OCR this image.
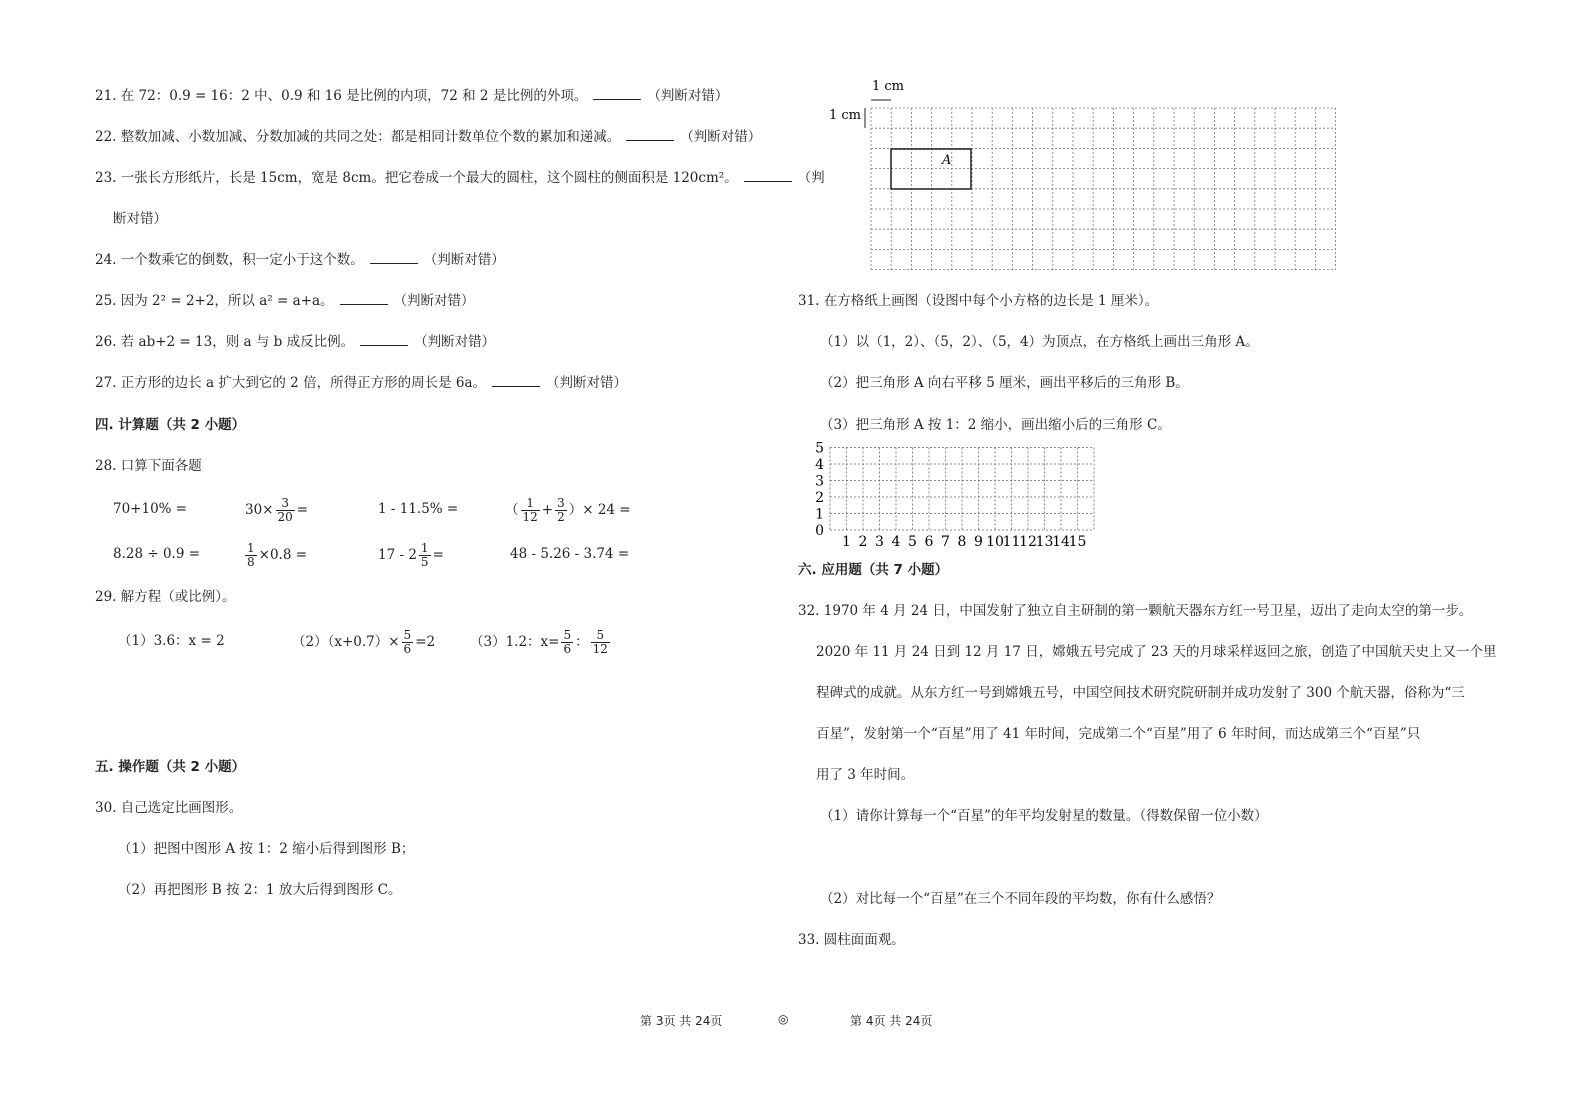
21. 在 72：0.9 = 16：2 中、0.9 和 16 是比例的内项，72 和 2 是比例的外项。	（判断对错）
22. 整数加减、小数加减、分数加减的共同之处：都是相同计数单位个数的累加和递减。	（判断对错）
23. 一张长方形纸片，长是 15cm，宽是 8cm。把它卷成一个最大的圆柱，这个圆柱的侧面积是 120cm²。	（判
断对错）
24. 一个数乘它的倒数，积一定小于这个数。	（判断对错）
25. 因为 2² = 2+2，所以 a² = a+a。	（判断对错）
26. 若 ab+2 = 13，则 a 与 b 成反比例。	（判断对错）
27. 正方形的边长 a 扩大到它的 2 倍，所得正方形的周长是 6a。	（判断对错）
四. 计算题（共 2 小题）
28. 口算下面各题
70+10% =	$30\times \frac{3}{20}$ =	1 - 11.5% =	（ $\frac{1}{12} + \frac{3}{2}$ ）× 24 =
8.28 ÷ 0.9 =	$\frac{1}{8} \times 0.8$ =	$17 - 2 \frac{1}{5}$ =	48 - 5.26 - 3.74 =
29. 解方程（或比例）。
（1）3.6：x = 2	$(2)(x+0.7)\times \frac{5}{6} =2$	（3）1.2：$x= \frac{5}{6}$ ： $\frac{5}{12}$
五. 操作题（共 2 小题）
30. 自己选定比画图形。
（1）把图中图形 A 按 1：2 缩小后得到图形 B；
（2）再把图形 B 按 2：1 放大后得到图形 C。
A
1 cm
1 cm
31. 在方格纸上画图（设图中每个小方格的边长是 1 厘米）。
（1）以（1，2）、（5，2）、（5，4）为顶点，在方格纸上画出三角形 A。
（2）把三角形 A 向右平移 5 厘米，画出平移后的三角形 B。
（3）把三角形 A 按 1：2 缩小，画出缩小后的三角形 C。
1 2 3 4 5 6 7 8 9 10
11
12
13
14
15
0
1
2
3
4
5
六. 应用题（共 7 小题）
32. 1970 年 4 月 24 日，中国发射了独立自主研制的第一颗航天器东方红一号卫星，迈出了走向太空的第一步。
2020 年 11 月 24 日到 12 月 17 日，嫦娥五号完成了 23 天的月球采样返回之旅，创造了中国航天史上又一个里
程碑式的成就。从东方红一号到嫦娥五号，中国空间技术研究院研制并成功发射了 300 个航天器，俗称为“三
百星”，发射第一个“百星”用了 41 年时间，完成第二个“百星”用了 6 年时间，而达成第三个“百星”只
用了 3 年时间。
（1）请你计算每一个“百星”的年平均发射星的数量。（得数保留一位小数）
（2）对比每一个“百星”在三个不同年段的平均数，你有什么感悟？
33. 圆柱面面观。
第 3页 共 24页	◎	第 4页 共 24页
